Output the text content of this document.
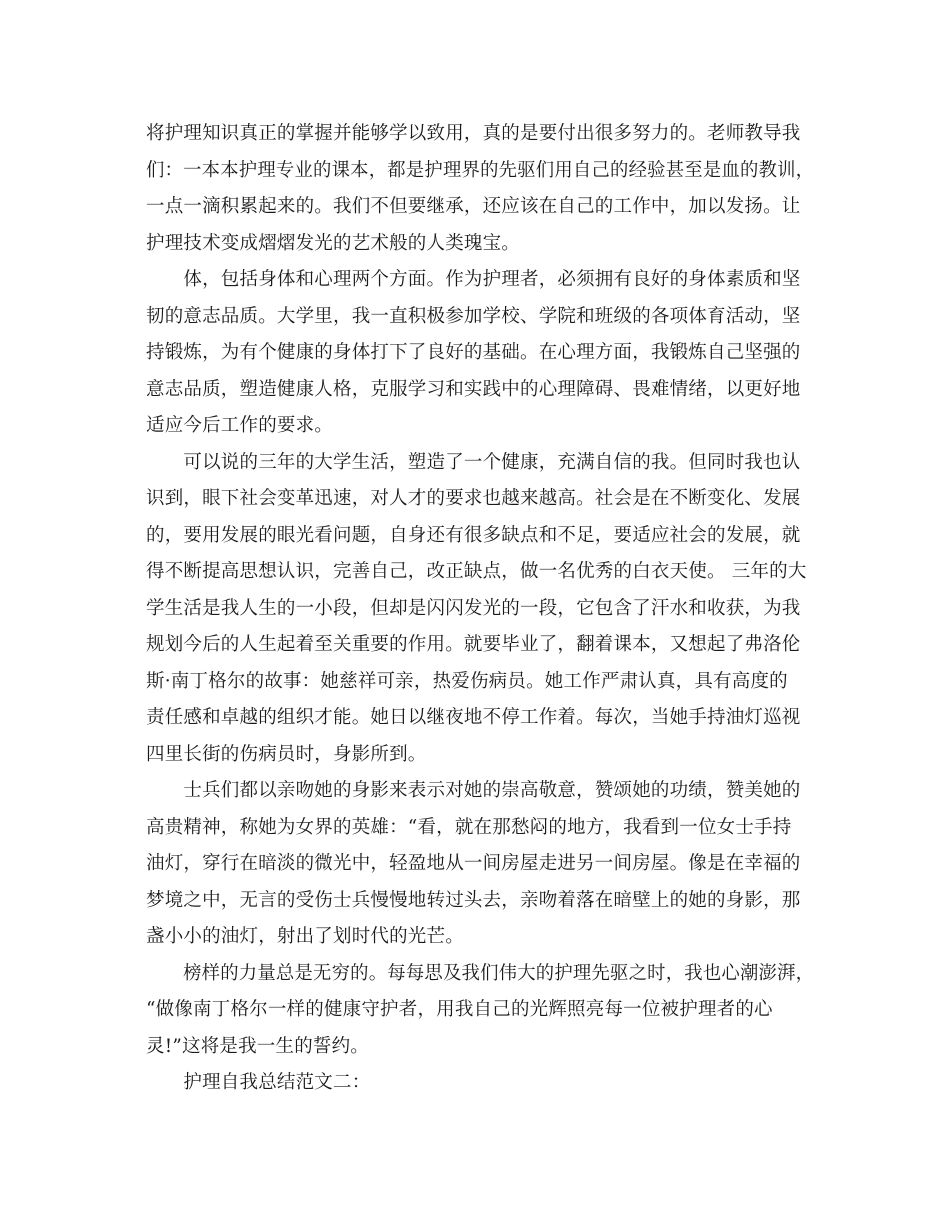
将护理知识真正的掌握并能够学以致用，真的是要付出很多努力的。老师教导我
们：一本本护理专业的课本，都是护理界的先驱们用自己的经验甚至是血的教训，
一点一滴积累起来的。我们不但要继承，还应该在自己的工作中，加以发扬。让
护理技术变成熠熠发光的艺术般的人类瑰宝。
　　体，包括身体和心理两个方面。作为护理者，必须拥有良好的身体素质和坚
韧的意志品质。大学里，我一直积极参加学校、学院和班级的各项体育活动，坚
持锻炼，为有个健康的身体打下了良好的基础。在心理方面，我锻炼自己坚强的
意志品质，塑造健康人格，克服学习和实践中的心理障碍、畏难情绪，以更好地
适应今后工作的要求。
　　可以说的三年的大学生活，塑造了一个健康，充满自信的我。但同时我也认
识到，眼下社会变革迅速，对人才的要求也越来越高。社会是在不断变化、发展
的，要用发展的眼光看问题，自身还有很多缺点和不足，要适应社会的发展，就
得不断提高思想认识，完善自己，改正缺点，做一名优秀的白衣天使。 三年的大
学生活是我人生的一小段，但却是闪闪发光的一段，它包含了汗水和收获，为我
规划今后的人生起着至关重要的作用。就要毕业了，翻着课本，又想起了弗洛伦
斯·南丁格尔的故事：她慈祥可亲，热爱伤病员。她工作严肃认真，具有高度的
责任感和卓越的组织才能。她日以继夜地不停工作着。每次，当她手持油灯巡视
四里长街的伤病员时，身影所到。
　　士兵们都以亲吻她的身影来表示对她的崇高敬意，赞颂她的功绩，赞美她的
高贵精神，称她为女界的英雄：“看，就在那愁闷的地方，我看到一位女士手持
油灯，穿行在暗淡的微光中，轻盈地从一间房屋走进另一间房屋。像是在幸福的
梦境之中，无言的受伤士兵慢慢地转过头去，亲吻着落在暗壁上的她的身影，那
盏小小的油灯，射出了划时代的光芒。
　　榜样的力量总是无穷的。每每思及我们伟大的护理先驱之时，我也心潮澎湃，
“做像南丁格尔一样的健康守护者，用我自己的光辉照亮每一位被护理者的心
灵!”这将是我一生的誓约。
　　护理自我总结范文二：
